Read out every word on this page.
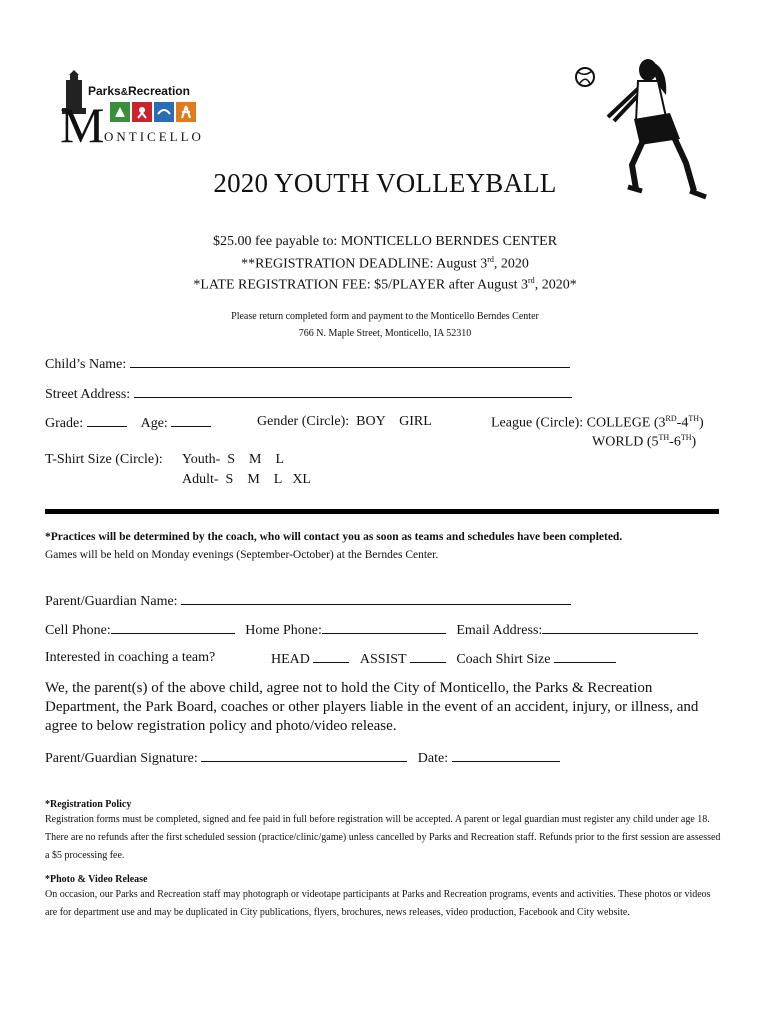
Parks&Recreation
M ONTICELLO
2020 YOUTH VOLLEYBALL
$25.00 fee payable to: MONTICELLO BERNDES CENTER
**REGISTRATION DEADLINE: August 3rd, 2020
*LATE REGISTRATION FEE: $5/PLAYER after August 3rd, 2020*
Please return completed form and payment to the Monticello Berndes Center
766 N. Maple Street, Monticello, IA 52310
Child’s Name:
Street Address:
Grade:	Age:	Gender (Circle):  BOY    GIRL	League (Circle): COLLEGE (3RD-4TH)
WORLD (5TH-6TH)
T-Shirt Size (Circle): Youth-  S    M    L
Adult-  S    M    L   XL
*Practices will be determined by the coach, who will contact you as soon as teams and schedules have been completed.
Games will be held on Monday evenings (September-October) at the Berndes Center.
Parent/Guardian Name:
Cell Phone:	Home Phone:	Email Address:
Interested in coaching a team?	HEAD	ASSIST	Coach Shirt Size
We, the parent(s) of the above child, agree not to hold the City of Monticello, the Parks & Recreation Department, the Park Board, coaches or other players liable in the event of an accident, injury, or illness, and agree to below registration policy and photo/video release.
Parent/Guardian Signature:	Date:
*Registration Policy
Registration forms must be completed, signed and fee paid in full before registration will be accepted. A parent or legal guardian must register any child under age 18. There are no refunds after the first scheduled session (practice/clinic/game) unless cancelled by Parks and Recreation staff. Refunds prior to the first session are assessed a $5 processing fee.
*Photo & Video Release
On occasion, our Parks and Recreation staff may photograph or videotape participants at Parks and Recreation programs, events and activities. These photos or videos are for department use and may be duplicated in City publications, flyers, brochures, news releases, video production, Facebook and City website.
